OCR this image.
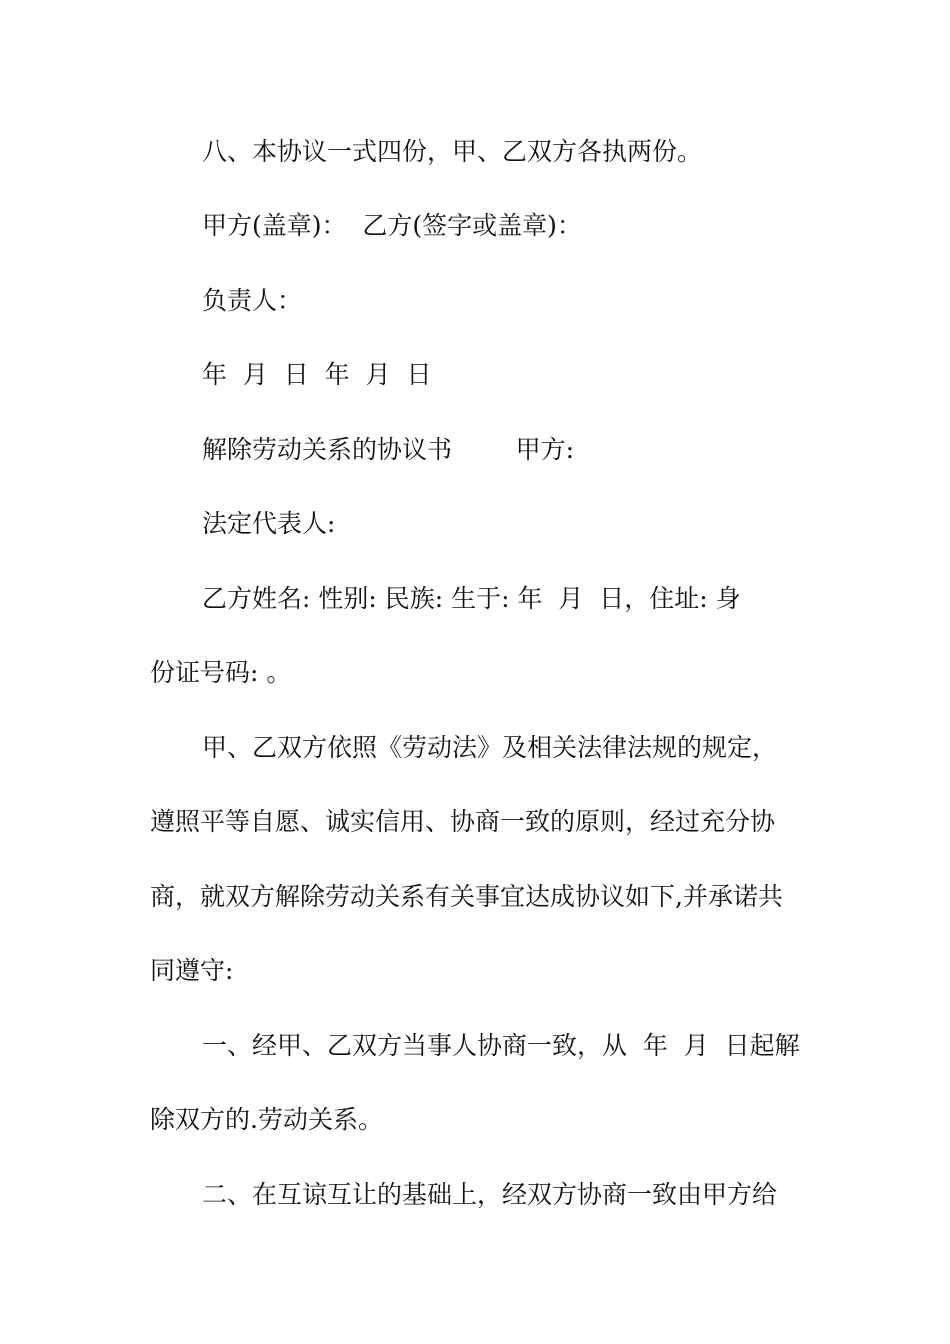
八、本协议一式四份，甲、乙双方各执两份。
甲方(盖章)：  乙方(签字或盖章)：
负责人：
年  月  日  年  月  日
解除劳动关系的协议书        甲方:
法定代表人:
乙方姓名: 性别: 民族: 生于: 年  月  日，住址: 身
份证号码: 。
甲、乙双方依照《劳动法》及相关法律法规的规定，
遵照平等自愿、诚实信用、协商一致的原则，经过充分协
商，就双方解除劳动关系有关事宜达成协议如下,并承诺共
同遵守:
一、经甲、乙双方当事人协商一致，从  年  月  日起解
除双方的.劳动关系。
二、在互谅互让的基础上，经双方协商一致由甲方给
